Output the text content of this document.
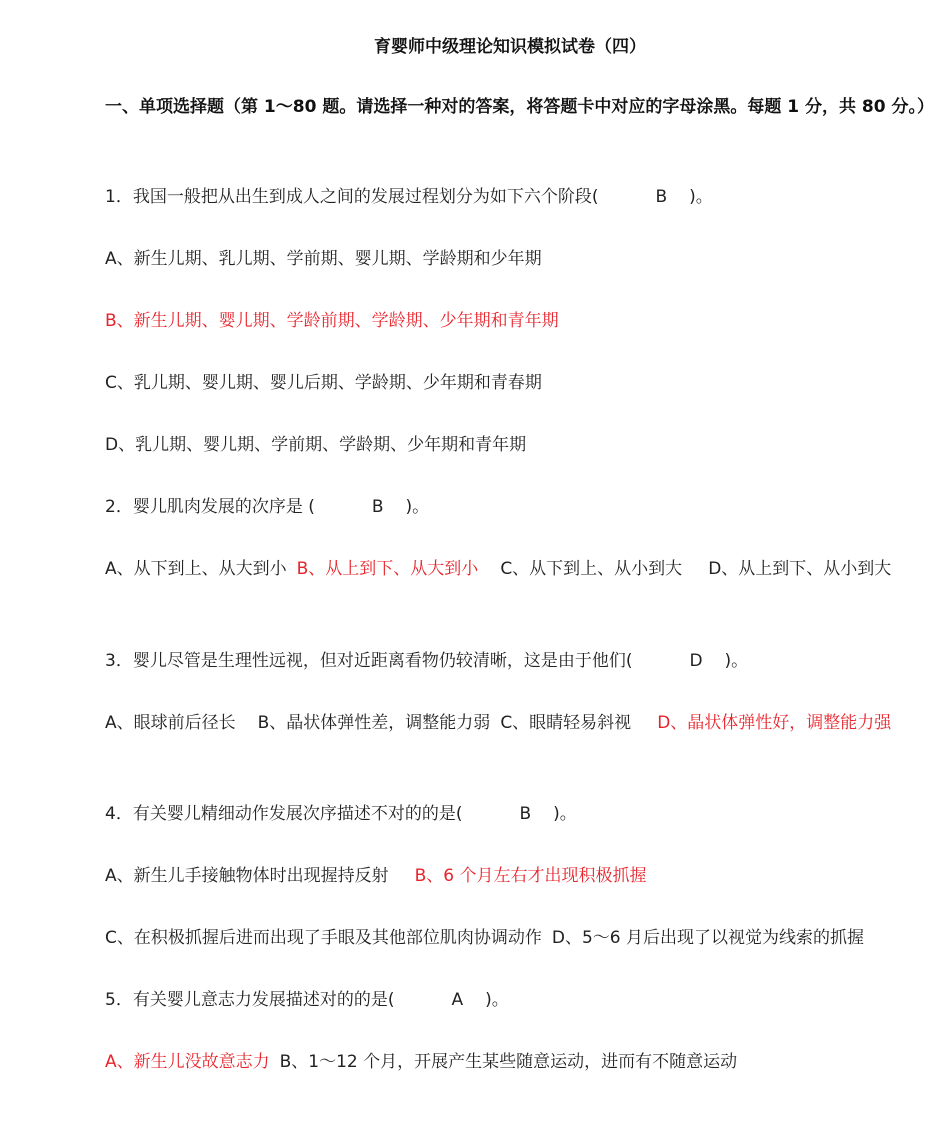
育婴师中级理论知识模拟试卷（四）
一、单项选择题（第 1～80 题。请选择一种对的答案，将答题卡中对应的字母涂黑。每题 1 分，共 80 分。）
1．我国一般把从出生到成人之间的发展过程划分为如下六个阶段(	B )。
A、新生儿期、乳儿期、学前期、婴儿期、学龄期和少年期
B、新生儿期、婴儿期、学龄前期、学龄期、少年期和青年期
C、乳儿期、婴儿期、婴儿后期、学龄期、少年期和青春期
D、乳儿期、婴儿期、学前期、学龄期、少年期和青年期
2．婴儿肌肉发展的次序是 (	B )。
A、从下到上、从大到小 B、从上到下、从大到小 C、从下到上、从小到大 D、从上到下、从小到大
3．婴儿尽管是生理性远视，但对近距离看物仍较清晰，这是由于他们(	D )。
A、眼球前后径长 B、晶状体弹性差，调整能力弱 C、眼睛轻易斜视 D、晶状体弹性好，调整能力强
4．有关婴儿精细动作发展次序描述不对的的是(	B )。
A、新生儿手接触物体时出现握持反射 B、6 个月左右才出现积极抓握
C、在积极抓握后进而出现了手眼及其他部位肌肉协调动作 D、5～6 月后出现了以视觉为线索的抓握
5．有关婴儿意志力发展描述对的的是(	A )。
A、新生儿没故意志力 B、1～12 个月，开展产生某些随意运动，进而有不随意运动
